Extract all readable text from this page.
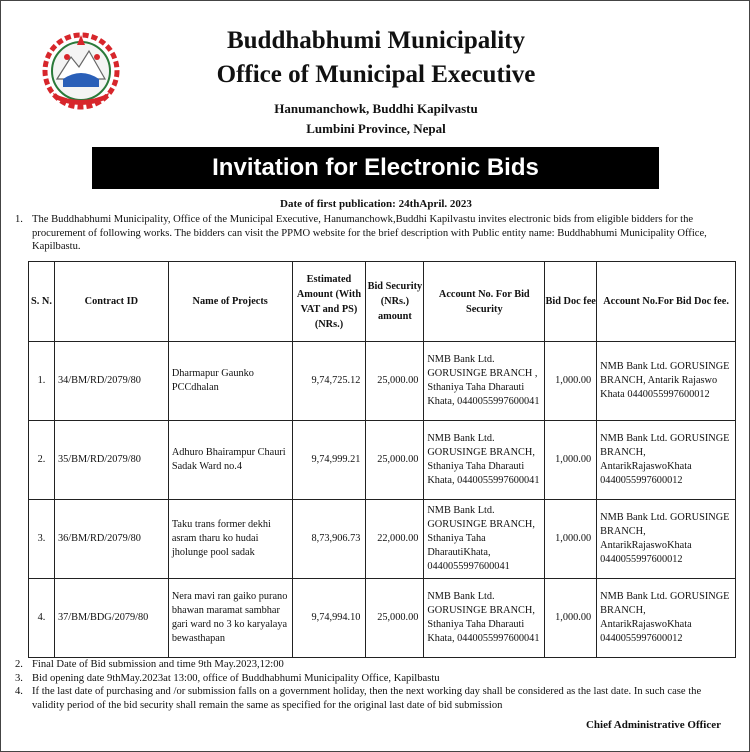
Buddhabhumi Municipality
Office of Municipal Executive
Hanumanchowk, Buddhi Kapilvastu
Lumbini Province, Nepal
Invitation for Electronic Bids
Date of first publication: 24thApril. 2023
1. The Buddhabhumi Municipality, Office of the Municipal Executive, Hanumanchowk,Buddhi Kapilvastu invites electronic bids from eligible bidders for the procurement of following works. The bidders can visit the PPMO website for the brief description with Public entity name: Buddhabhumi Municipality Office, Kapilbastu.
S. N.	Contract ID	Name of Projects	Estimated Amount (With VAT and PS) (NRs.)	Bid Security (NRs.) amount	Account No. For Bid Security	Bid Doc fee	Account No.For Bid Doc fee.
1.	34/BM/RD/2079/80	Dharmapur Gaunko PCCdhalan	9,74,725.12	25,000.00	NMB Bank Ltd. GORUSINGE BRANCH , Sthaniya Taha Dharauti Khata, 0440055997600041	1,000.00	NMB Bank Ltd. GORUSINGE BRANCH, Antarik Rajaswo Khata 0440055997600012
2.	35/BM/RD/2079/80	Adhuro Bhairampur Chauri Sadak Ward no.4	9,74,999.21	25,000.00	NMB Bank Ltd. GORUSINGE BRANCH, Sthaniya Taha Dharauti Khata, 0440055997600041	1,000.00	NMB Bank Ltd. GORUSINGE BRANCH, AntarikRajaswoKhata 0440055997600012
3.	36/BM/RD/2079/80	Taku trans former dekhi asram tharu ko hudai jholunge pool sadak	8,73,906.73	22,000.00	NMB Bank Ltd. GORUSINGE BRANCH, Sthaniya Taha DharautiKhata, 0440055997600041	1,000.00	NMB Bank Ltd. GORUSINGE BRANCH, AntarikRajaswoKhata 0440055997600012
4.	37/BM/BDG/2079/80	Nera mavi ran gaiko purano bhawan maramat sambhar gari ward no 3 ko karyalaya bewasthapan	9,74,994.10	25,000.00	NMB Bank Ltd. GORUSINGE BRANCH, Sthaniya Taha Dharauti Khata, 0440055997600041	1,000.00	NMB Bank Ltd. GORUSINGE BRANCH, AntarikRajaswoKhata 0440055997600012
2. Final Date of Bid submission and time 9th May.2023,12:00
3. Bid opening date 9thMay.2023at 13:00, office of Buddhabhumi Municipality Office, Kapilbastu
4. If the last date of purchasing and /or submission falls on a government holiday, then the next working day shall be considered as the last date. In such case the validity period of the bid security shall remain the same as specified for the original last date of bid submission
Chief Administrative Officer
